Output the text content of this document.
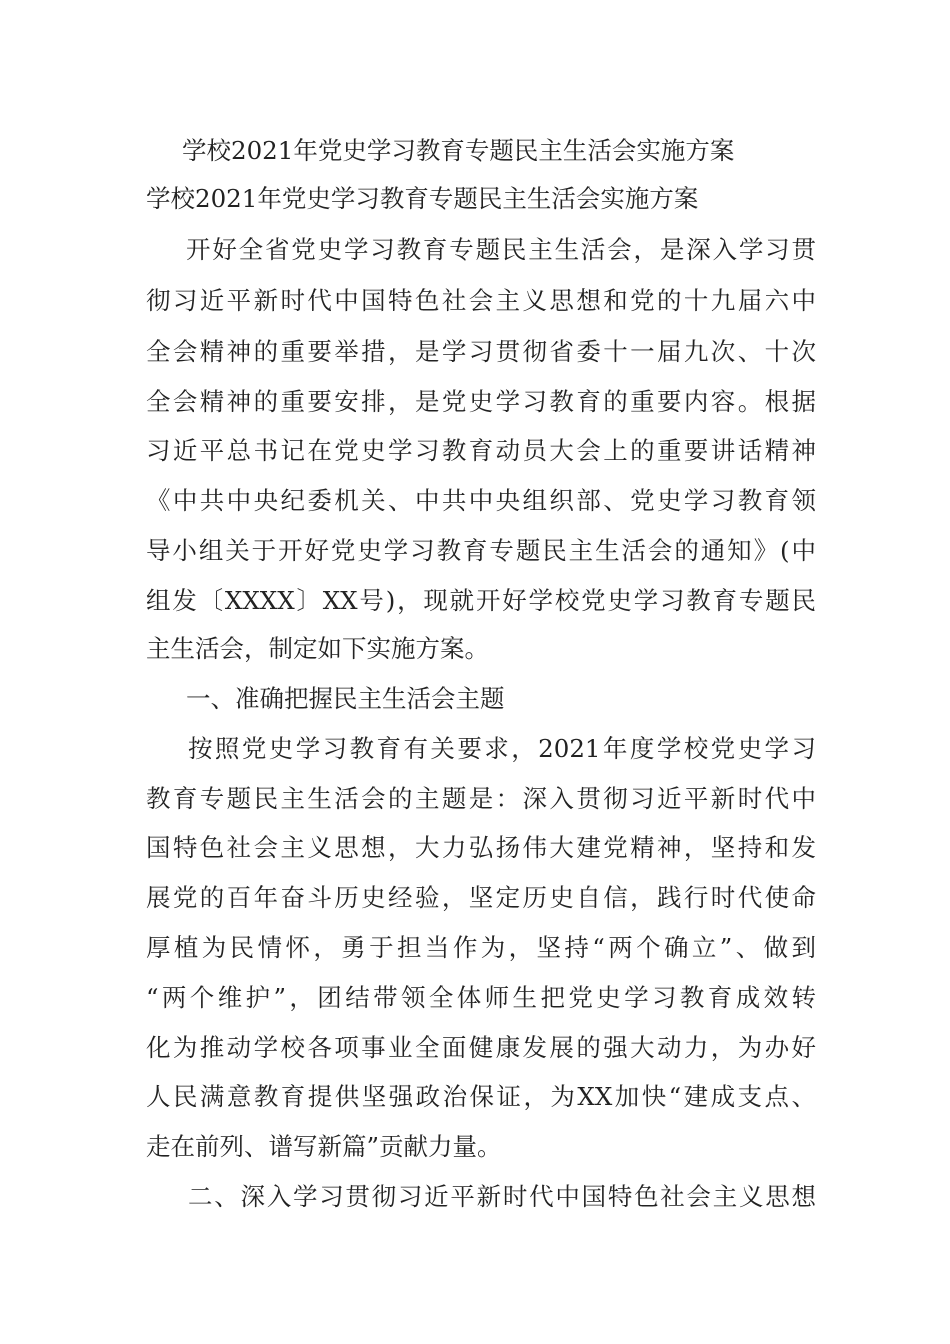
学校2021年党史学习教育专题民主生活会实施方案

学校2021年党史学习教育专题民主生活会实施方案

开好全省党史学习教育专题民主生活会，是深入学习贯

彻习近平新时代中国特色社会主义思想和党的十九届六中

全会精神的重要举措，是学习贯彻省委十一届九次、十次

全会精神的重要安排，是党史学习教育的重要内容。根据

习近平总书记在党史学习教育动员大会上的重要讲话精神

《中共中央纪委机关、中共中央组织部、党史学习教育领

导小组关于开好党史学习教育专题民主生活会的通知》(中

组发〔XXXX〕XX号)，现就开好学校党史学习教育专题民

主生活会，制定如下实施方案。

一、准确把握民主生活会主题

按照党史学习教育有关要求，2021年度学校党史学习

教育专题民主生活会的主题是：深入贯彻习近平新时代中

国特色社会主义思想，大力弘扬伟大建党精神，坚持和发

展党的百年奋斗历史经验，坚定历史自信，践行时代使命

厚植为民情怀，勇于担当作为，坚持“两个确立”、做到

“两个维护”，团结带领全体师生把党史学习教育成效转

化为推动学校各项事业全面健康发展的强大动力，为办好

人民满意教育提供坚强政治保证，为XX加快“建成支点、

走在前列、谱写新篇”贡献力量。

二、深入学习贯彻习近平新时代中国特色社会主义思想
